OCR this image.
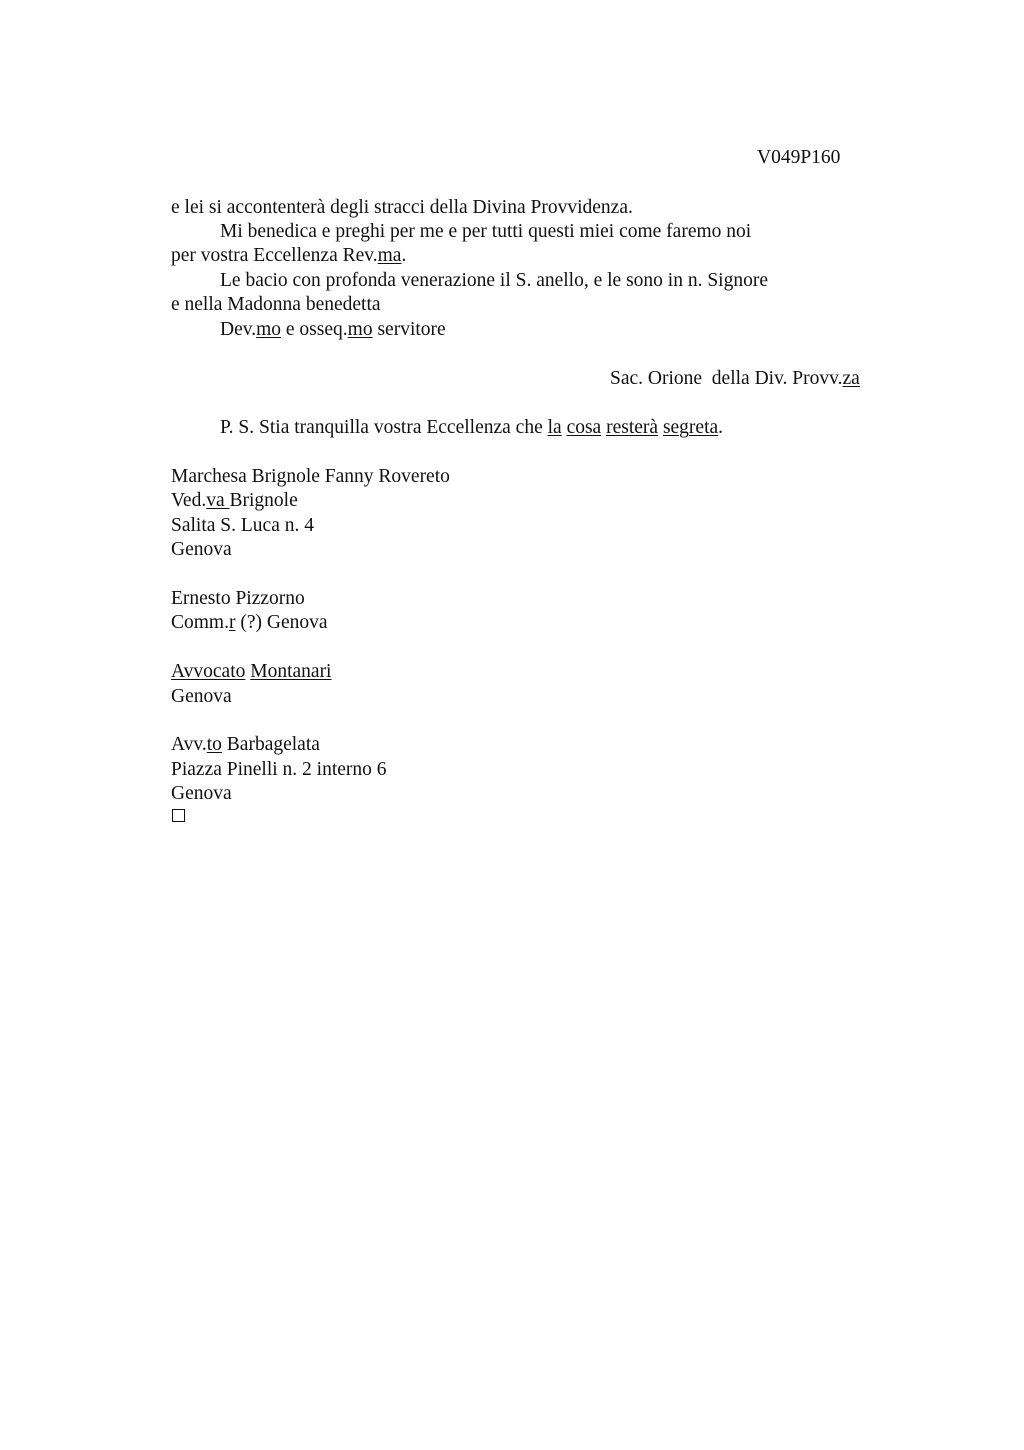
V049P160
e lei si accontenterà degli stracci della Divina Provvidenza.
Mi benedica e preghi per me e per tutti questi miei come faremo noi
per vostra Eccellenza Rev.ma.
Le bacio con profonda venerazione il S. anello, e le sono in n. Signore
e nella Madonna benedetta
Dev.mo e osseq.mo servitore
Sac. Orione  della Div. Provv.za
P. S. Stia tranquilla vostra Eccellenza che la cosa resterà segreta.
Marchesa Brignole Fanny Rovereto
Ved.va Brignole
Salita S. Luca n. 4
Genova
Ernesto Pizzorno
Comm.r (?) Genova
Avvocato Montanari
Genova
Avv.to Barbagelata
Piazza Pinelli n. 2 interno 6
Genova
